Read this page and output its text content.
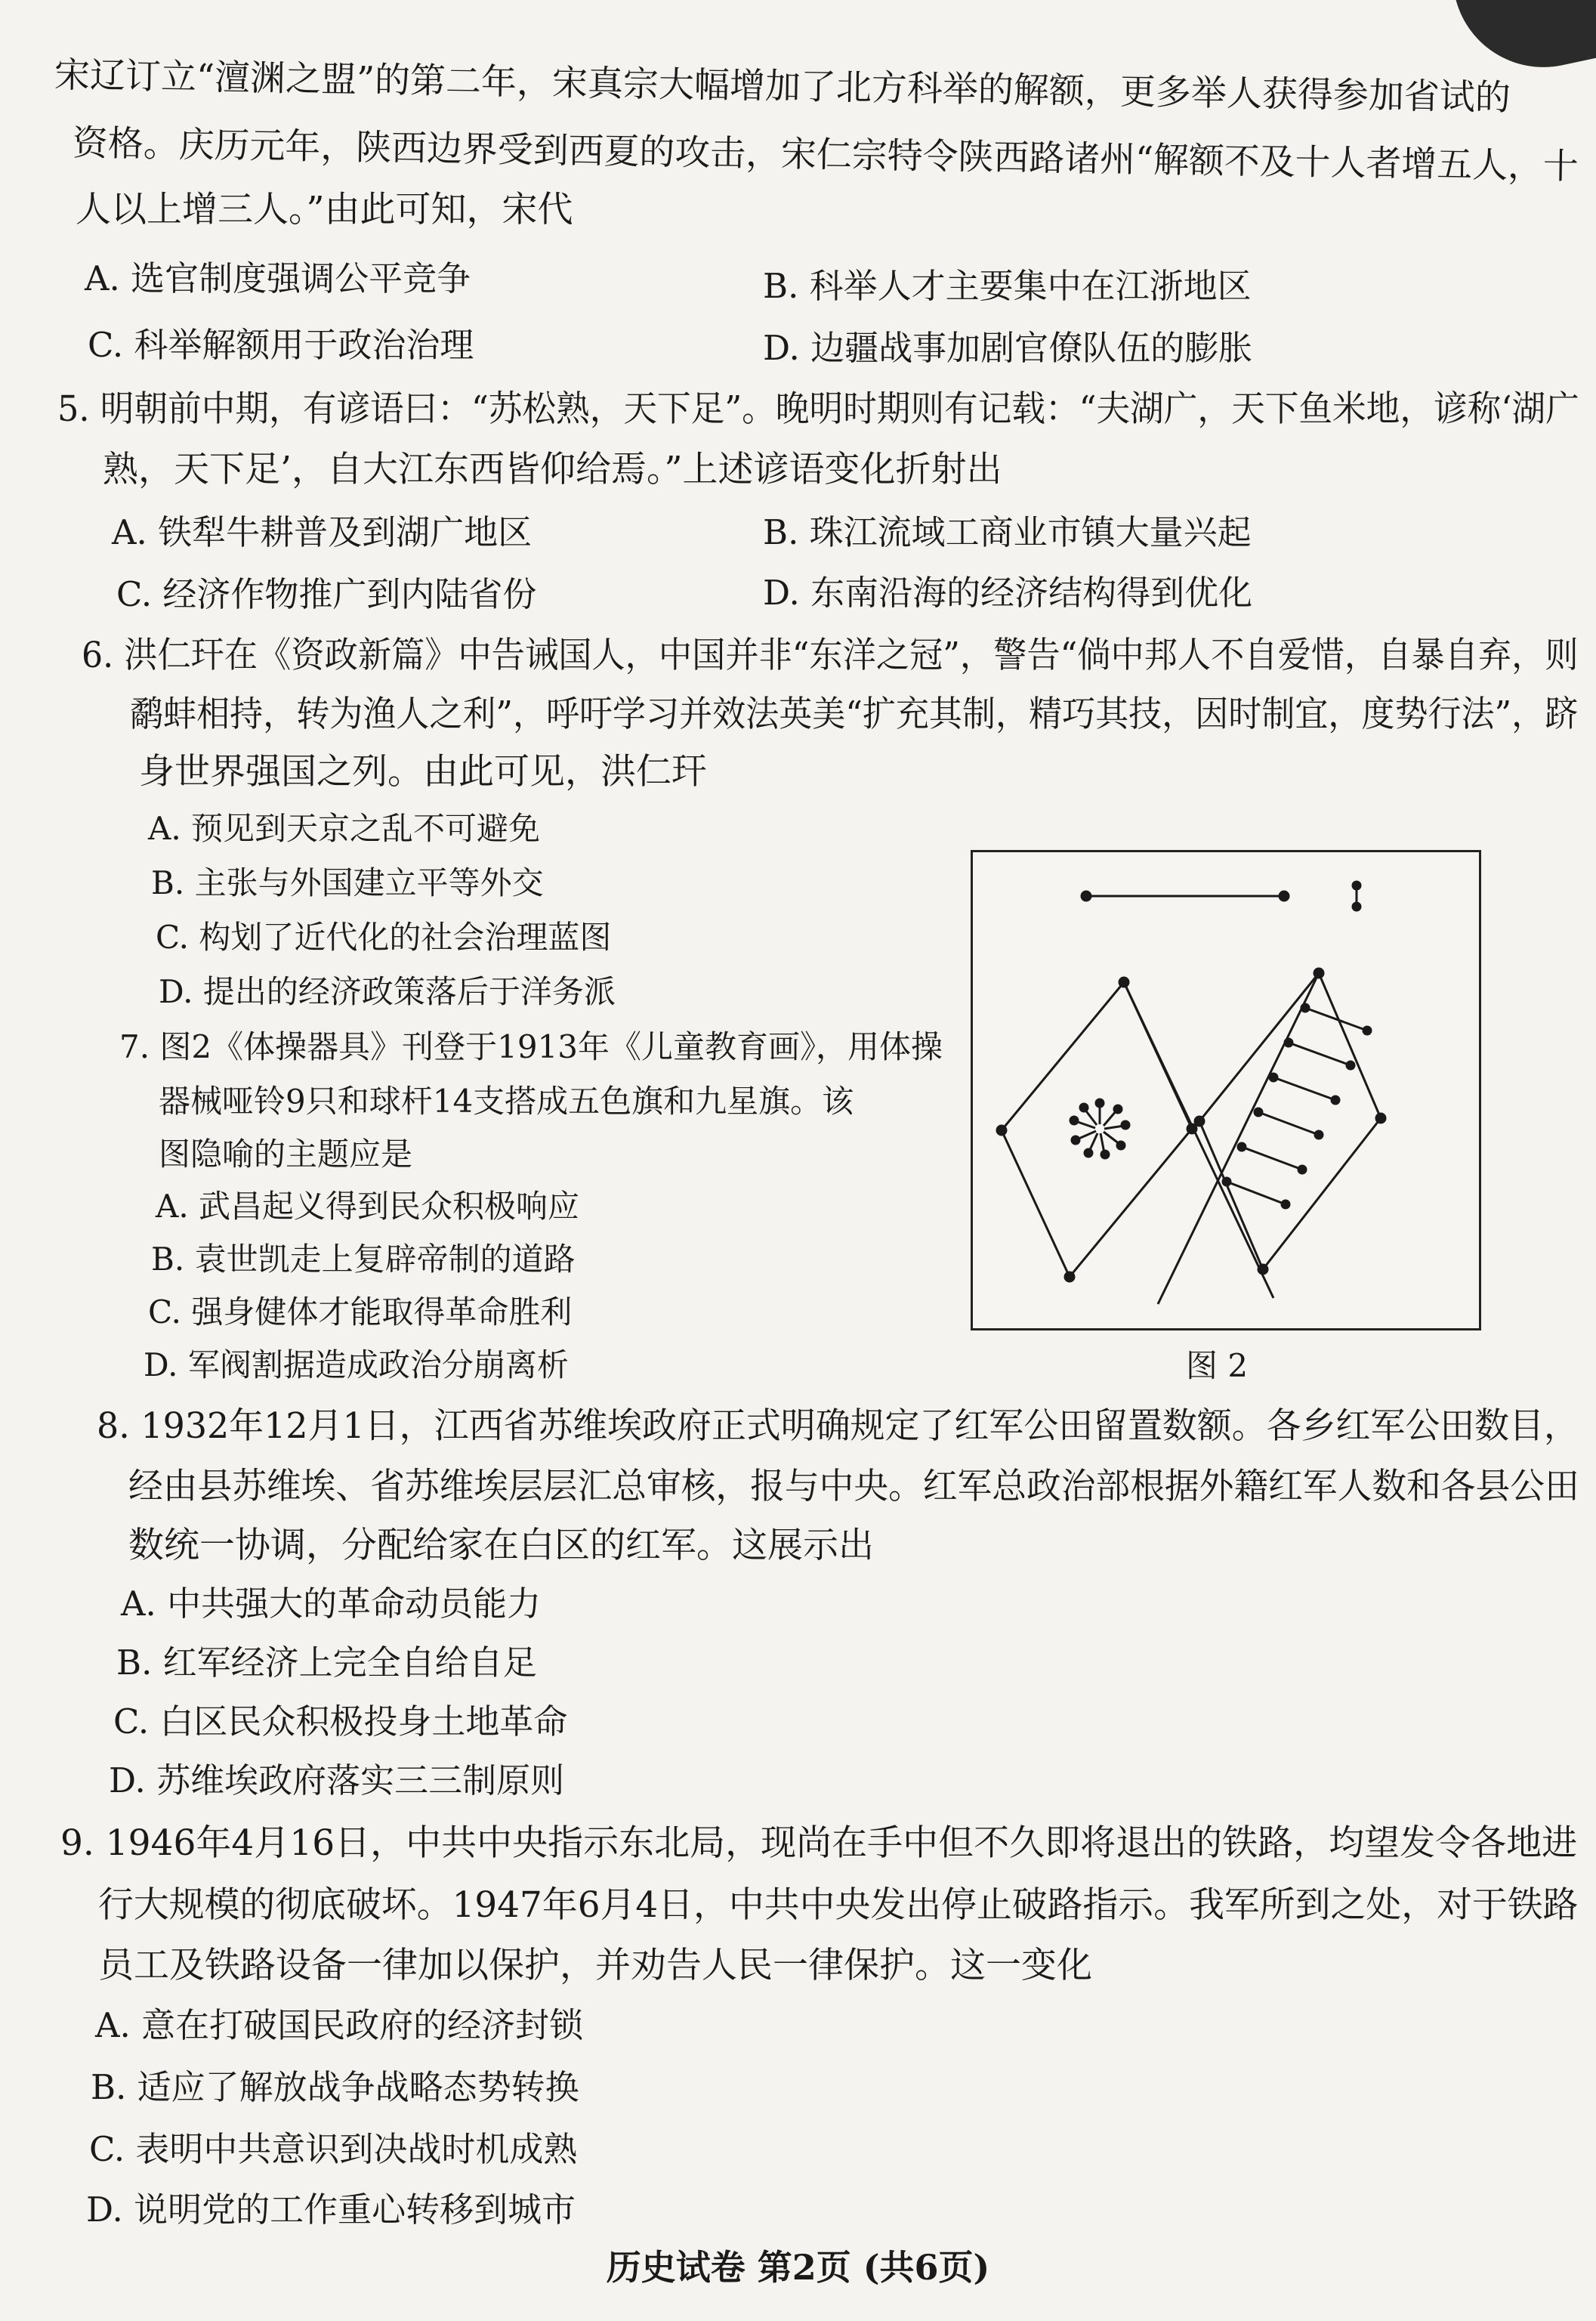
宋辽订立“澶渊之盟”的第二年，宋真宗大幅增加了北方科举的解额，更多举人获得参加省试的
资格。庆历元年，陕西边界受到西夏的攻击，宋仁宗特令陕西路诸州“解额不及十人者增五人，十
人以上增三人。”由此可知，宋代
A. 选官制度强调公平竞争	B. 科举人才主要集中在江浙地区
C. 科举解额用于政治治理	D. 边疆战事加剧官僚队伍的膨胀
5. 明朝前中期，有谚语曰：“苏松熟，天下足”。晚明时期则有记载：“夫湖广，天下鱼米地，谚称‘湖广
熟，天下足’，自大江东西皆仰给焉。”上述谚语变化折射出
A. 铁犁牛耕普及到湖广地区	B. 珠江流域工商业市镇大量兴起
C. 经济作物推广到内陆省份	D. 东南沿海的经济结构得到优化
6. 洪仁玕在《资政新篇》中告诫国人，中国并非“东洋之冠”，警告“倘中邦人不自爱惜，自暴自弃，则
鹬蚌相持，转为渔人之利”，呼吁学习并效法英美“扩充其制，精巧其技，因时制宜，度势行法”，跻
身世界强国之列。由此可见，洪仁玕
A. 预见到天京之乱不可避免
B. 主张与外国建立平等外交
C. 构划了近代化的社会治理蓝图
D. 提出的经济政策落后于洋务派
7. 图2《体操器具》刊登于1913年《儿童教育画》，用体操
器械哑铃9只和球杆14支搭成五色旗和九星旗。该
图隐喻的主题应是
A. 武昌起义得到民众积极响应
B. 袁世凯走上复辟帝制的道路
C. 强身健体才能取得革命胜利
D. 军阀割据造成政治分崩离析	图 2
8. 1932年12月1日，江西省苏维埃政府正式明确规定了红军公田留置数额。各乡红军公田数目，
经由县苏维埃、省苏维埃层层汇总审核，报与中央。红军总政治部根据外籍红军人数和各县公田
数统一协调，分配给家在白区的红军。这展示出
A. 中共强大的革命动员能力
B. 红军经济上完全自给自足
C. 白区民众积极投身土地革命
D. 苏维埃政府落实三三制原则
9. 1946年4月16日，中共中央指示东北局，现尚在手中但不久即将退出的铁路，均望发令各地进
行大规模的彻底破坏。1947年6月4日，中共中央发出停止破路指示。我军所到之处，对于铁路
员工及铁路设备一律加以保护，并劝告人民一律保护。这一变化
A. 意在打破国民政府的经济封锁
B. 适应了解放战争战略态势转换
C. 表明中共意识到决战时机成熟
D. 说明党的工作重心转移到城市
历史试卷 第2页 (共6页)
